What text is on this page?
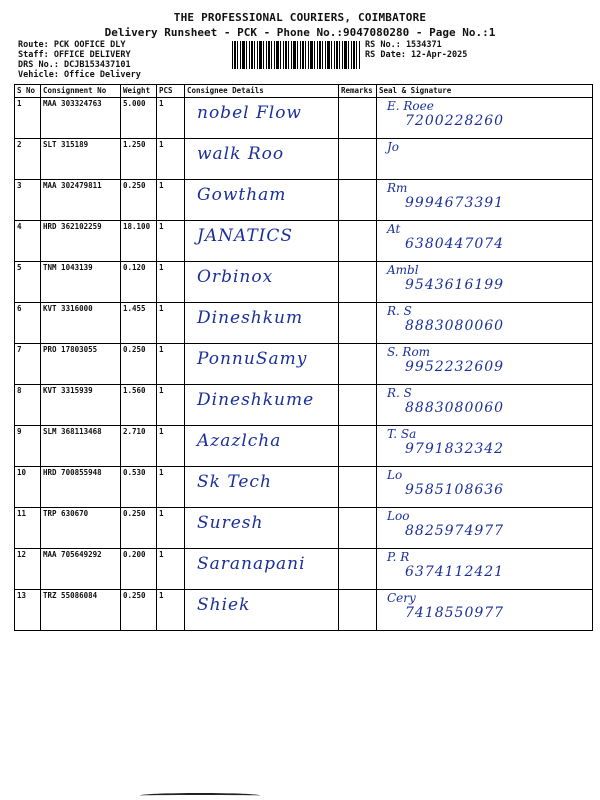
THE PROFESSIONAL COURIERS, COIMBATORE
Delivery Runsheet - PCK - Phone No.:9047080280 - Page No.:1
Route: PCK OOFICE DLY
Staff: OFFICE DELIVERY
DRS No.: DCJB153437101
Vehicle: Office Delivery
RS No.: 1534371
RS Date: 12-Apr-2025
S No	Consignment No	Weight	PCS	Consignee Details	Remarks	Seal & Signature
1	MAA 303324763	5.000	1	nobel Flow		E. Roee
7200228260

2	SLT 315189	1.250	1	walk Roo		Jo

3	MAA 302479811	0.250	1	Gowtham		Rm
9994673391

4	HRD 362102259	18.100	1	JANATICS		At
6380447074

5	TNM 1043139	0.120	1	Orbinox		Ambl
9543616199

6	KVT 3316000	1.455	1	Dineshkum		R. S
8883080060

7	PRO 17803055	0.250	1	PonnuSamy		S. Rom
9952232609

8	KVT 3315939	1.560	1	Dineshkume		R. S
8883080060

9	SLM 368113468	2.710	1	Azazlcha		T. Sa
9791832342

10	HRD 700855948	0.530	1	Sk Tech		Lo
9585108636

11	TRP 630670	0.250	1	Suresh		Loo
8825974977

12	MAA 705649292	0.200	1	Saranapani		P. R
6374112421

13	TRZ 55086084	0.250	1	Shiek		Cery
7418550977
